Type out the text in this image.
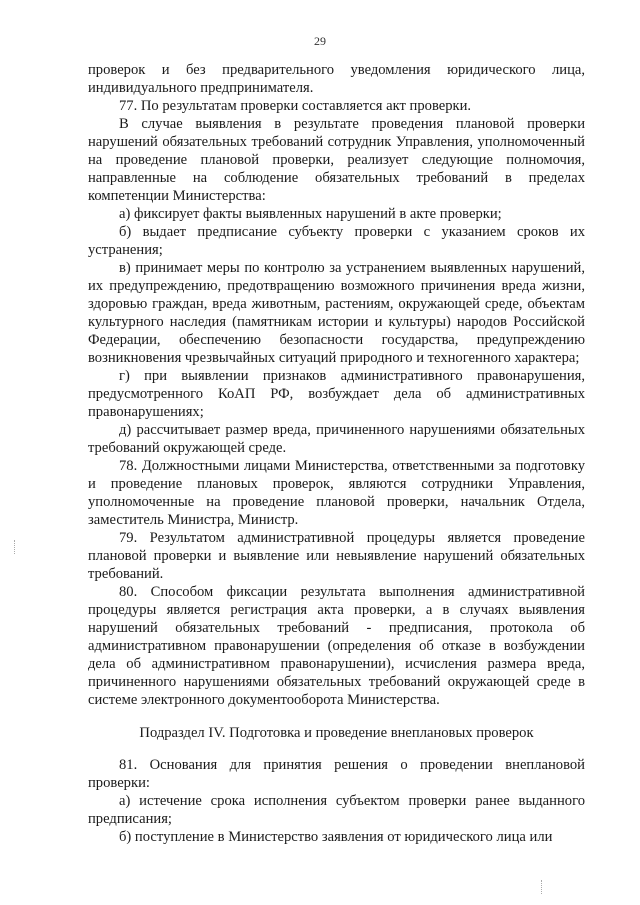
29

проверок и без предварительного уведомления юридического лица, индивидуального предпринимателя.

77. По результатам проверки составляется акт проверки.

В случае выявления в результате проведения плановой проверки нарушений обязательных требований сотрудник Управления, уполномоченный на проведение плановой проверки, реализует следующие полномочия, направленные на соблюдение обязательных требований в пределах компетенции Министерства:

а) фиксирует факты выявленных нарушений в акте проверки;

б) выдает предписание субъекту проверки с указанием сроков их устранения;

в) принимает меры по контролю за устранением выявленных нарушений, их предупреждению, предотвращению возможного причинения вреда жизни, здоровью граждан, вреда животным, растениям, окружающей среде, объектам культурного наследия (памятникам истории и культуры) народов Российской Федерации, обеспечению безопасности государства, предупреждению возникновения чрезвычайных ситуаций природного и техногенного характера;

г) при выявлении признаков административного правонарушения, предусмотренного КоАП РФ, возбуждает дела об административных правонарушениях;

д) рассчитывает размер вреда, причиненного нарушениями обязательных требований окружающей среде.

78. Должностными лицами Министерства, ответственными за подготовку и проведение плановых проверок, являются сотрудники Управления, уполномоченные на проведение плановой проверки, начальник Отдела, заместитель Министра, Министр.

79. Результатом административной процедуры является проведение плановой проверки и выявление или невыявление нарушений обязательных требований.

80. Способом фиксации результата выполнения административной процедуры является регистрация акта проверки, а в случаях выявления нарушений обязательных требований - предписания, протокола об административном правонарушении (определения об отказе в возбуждении дела об административном правонарушении), исчисления размера вреда, причиненного нарушениями обязательных требований окружающей среде в системе электронного документооборота Министерства.

Подраздел IV. Подготовка и проведение внеплановых проверок

81. Основания для принятия решения о проведении внеплановой проверки:

а) истечение срока исполнения субъектом проверки ранее выданного предписания;

б) поступление в Министерство заявления от юридического лица или
